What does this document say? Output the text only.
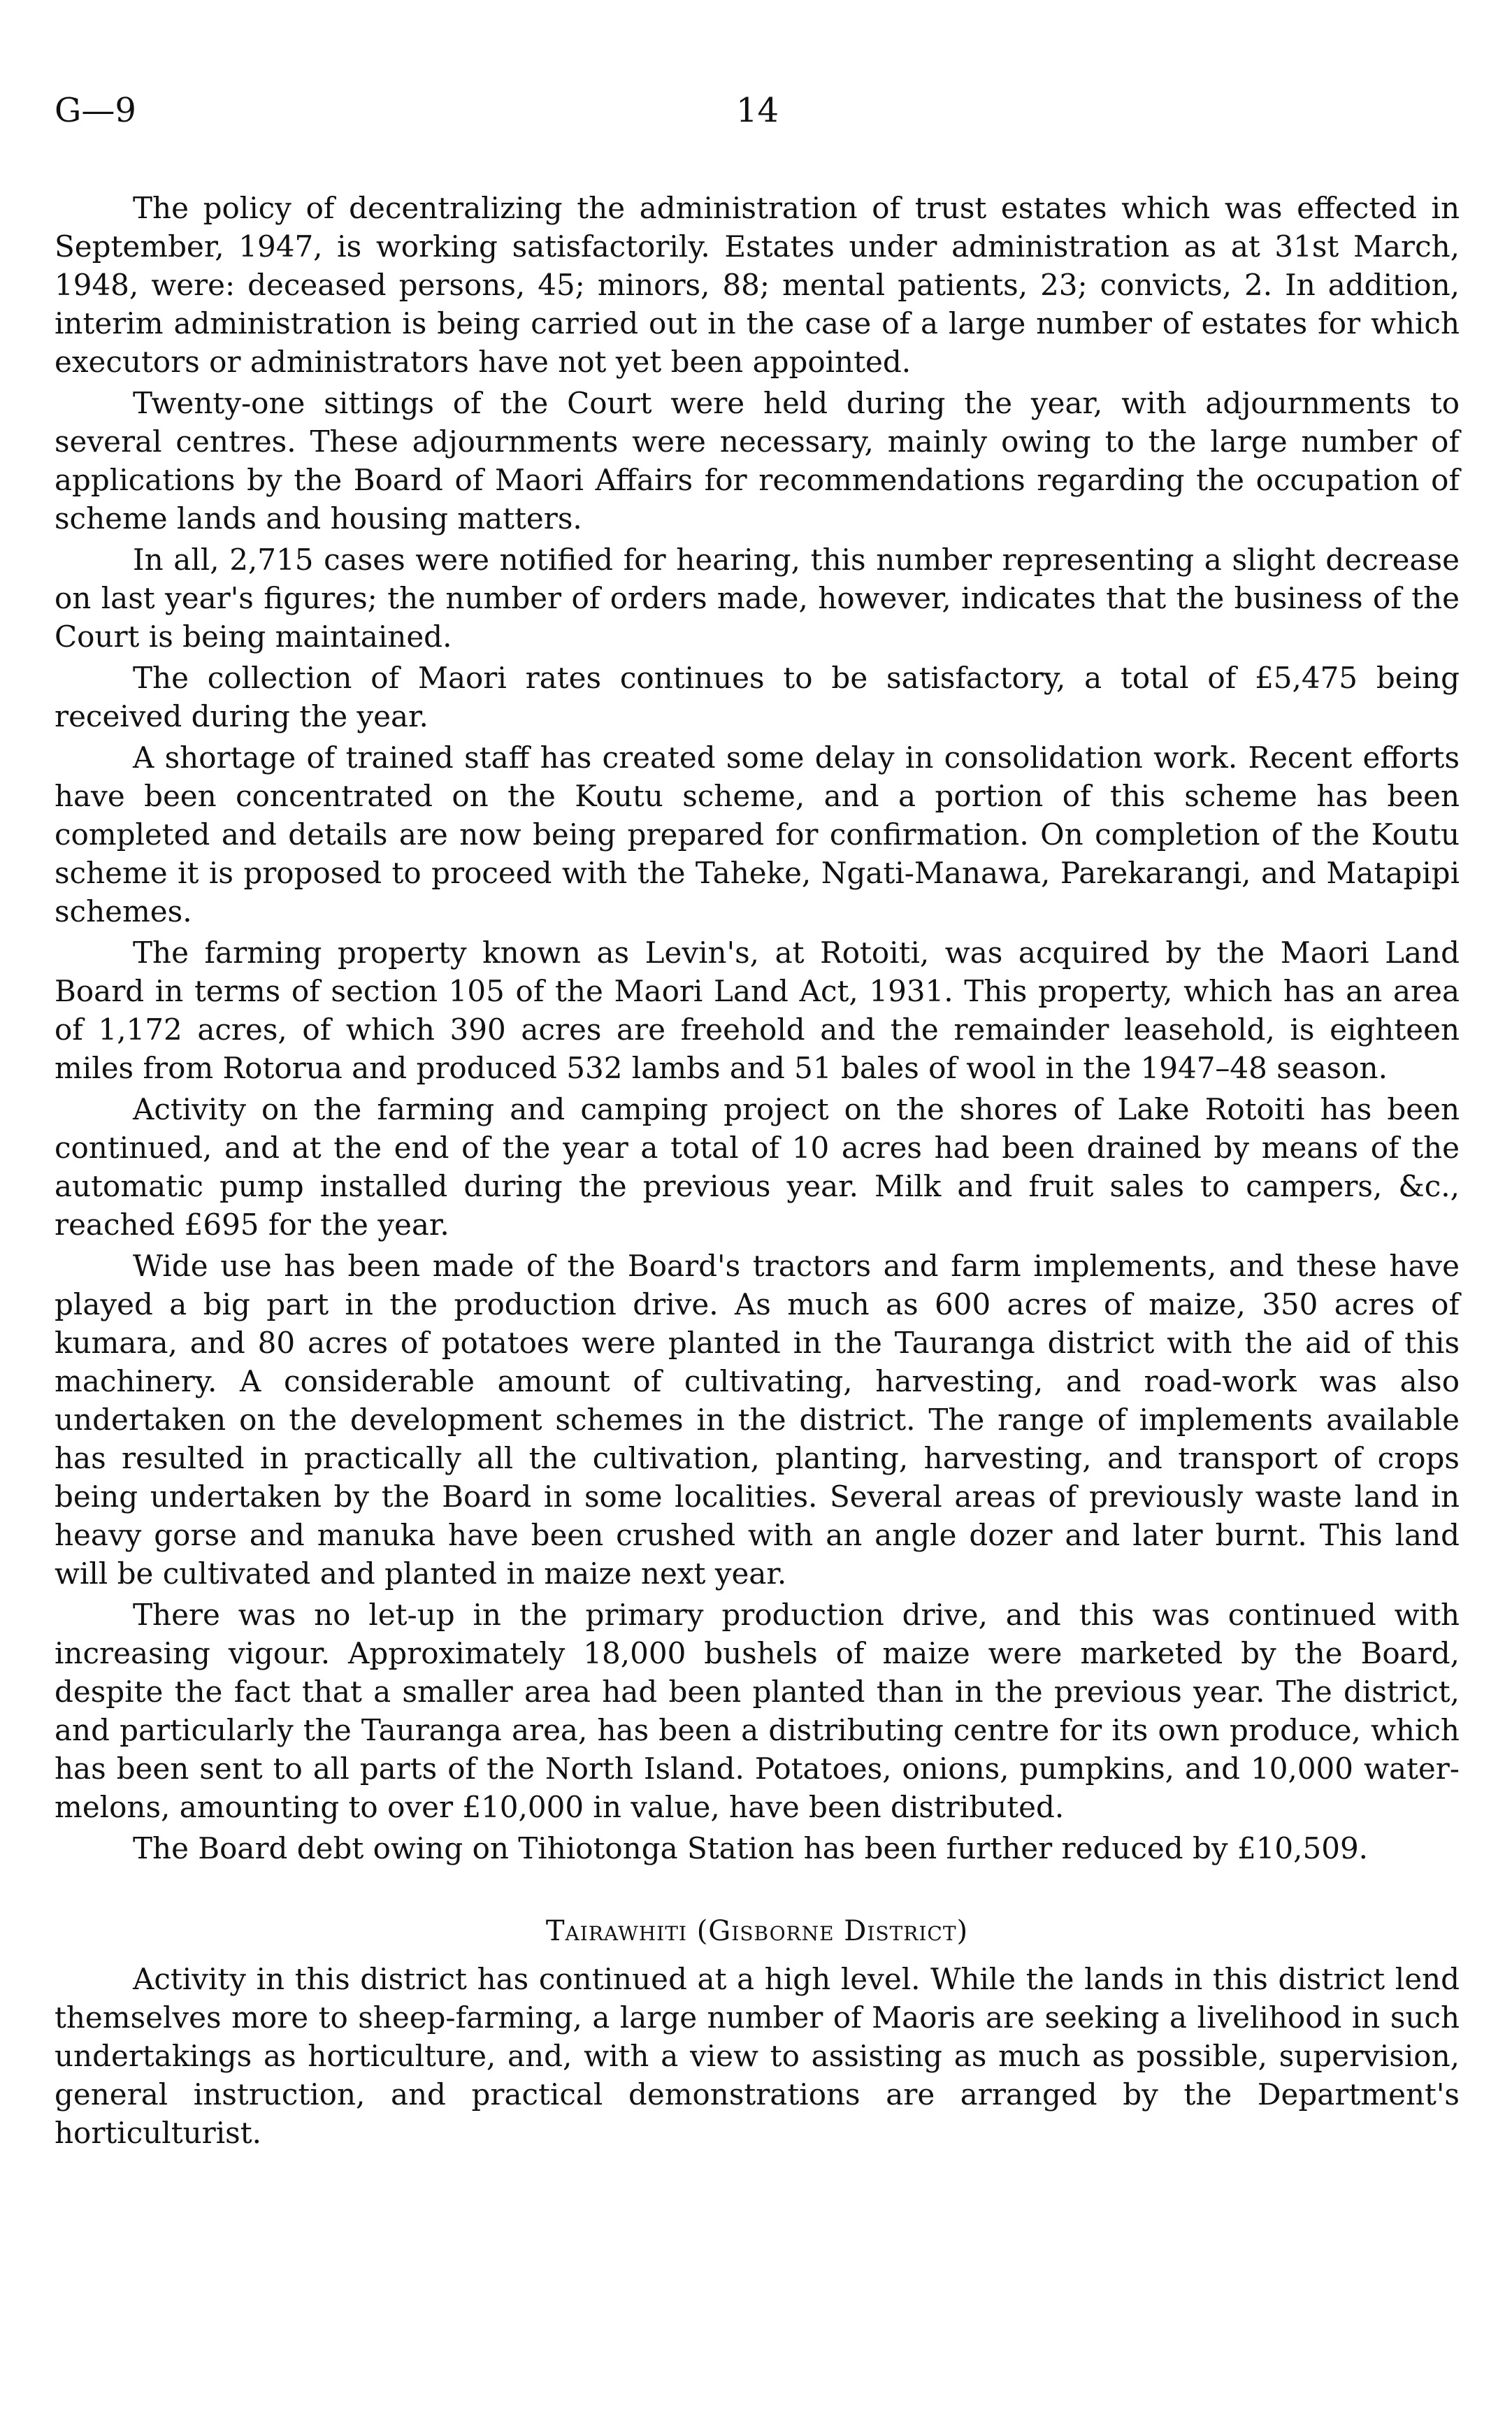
G—9	14

The policy of decentralizing the administration of trust estates which was effected in September, 1947, is working satisfactorily. Estates under administration as at 31st March, 1948, were: deceased persons, 45; minors, 88; mental patients, 23; convicts, 2. In addition, interim administration is being carried out in the case of a large number of estates for which executors or administrators have not yet been appointed.

Twenty-one sittings of the Court were held during the year, with adjournments to several centres. These adjournments were necessary, mainly owing to the large number of applications by the Board of Maori Affairs for recommendations regarding the occupation of scheme lands and housing matters.

In all, 2,715 cases were notified for hearing, this number representing a slight decrease on last year's figures; the number of orders made, however, indicates that the business of the Court is being maintained.

The collection of Maori rates continues to be satisfactory, a total of £5,475 being received during the year.

A shortage of trained staff has created some delay in consolidation work. Recent efforts have been concentrated on the Koutu scheme, and a portion of this scheme has been completed and details are now being prepared for confirmation. On completion of the Koutu scheme it is proposed to proceed with the Taheke, Ngati-Manawa, Parekarangi, and Matapipi schemes.

The farming property known as Levin's, at Rotoiti, was acquired by the Maori Land Board in terms of section 105 of the Maori Land Act, 1931. This property, which has an area of 1,172 acres, of which 390 acres are freehold and the remainder leasehold, is eighteen miles from Rotorua and produced 532 lambs and 51 bales of wool in the 1947–48 season.

Activity on the farming and camping project on the shores of Lake Rotoiti has been continued, and at the end of the year a total of 10 acres had been drained by means of the automatic pump installed during the previous year. Milk and fruit sales to campers, &c., reached £695 for the year.

Wide use has been made of the Board's tractors and farm implements, and these have played a big part in the production drive. As much as 600 acres of maize, 350 acres of kumara, and 80 acres of potatoes were planted in the Tauranga district with the aid of this machinery. A considerable amount of cultivating, harvesting, and road-work was also undertaken on the development schemes in the district. The range of implements available has resulted in practically all the cultivation, planting, harvesting, and transport of crops being undertaken by the Board in some localities. Several areas of previously waste land in heavy gorse and manuka have been crushed with an angle dozer and later burnt. This land will be cultivated and planted in maize next year.

There was no let-up in the primary production drive, and this was continued with increasing vigour. Approximately 18,000 bushels of maize were marketed by the Board, despite the fact that a smaller area had been planted than in the previous year. The district, and particularly the Tauranga area, has been a distributing centre for its own produce, which has been sent to all parts of the North Island. Potatoes, onions, pumpkins, and 10,000 water-melons, amounting to over £10,000 in value, have been distributed.

The Board debt owing on Tihiotonga Station has been further reduced by £10,509.

Tairawhiti (Gisborne District)

Activity in this district has continued at a high level. While the lands in this district lend themselves more to sheep-farming, a large number of Maoris are seeking a livelihood in such undertakings as horticulture, and, with a view to assisting as much as possible, supervision, general instruction, and practical demonstrations are arranged by the Department's horticulturist.
